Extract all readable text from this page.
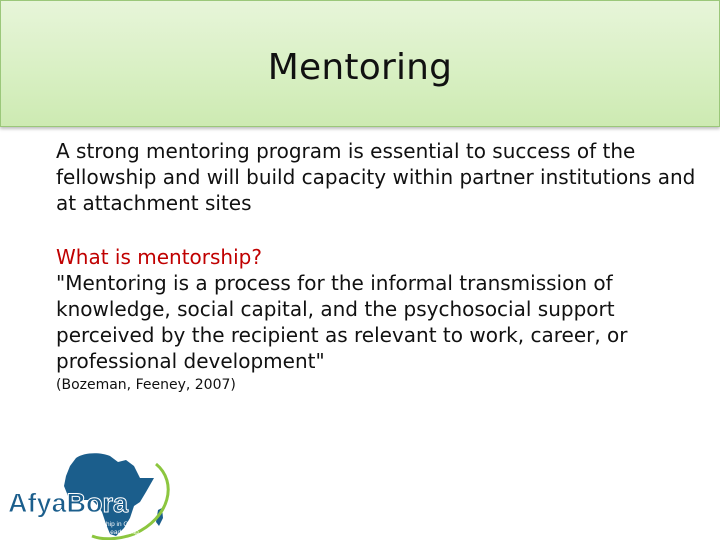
Mentoring

A strong mentoring program is essential to success of the fellowship and will build capacity within partner institutions and at attachment sites

What is mentorship?

"Mentoring is a process for the informal transmission of knowledge, social capital, and the psychosocial support perceived by the recipient as relevant to work, career, or professional development"

(Bozeman, Feeney, 2007)
AfyaBora
Fellowship in Global
Health Leadership
